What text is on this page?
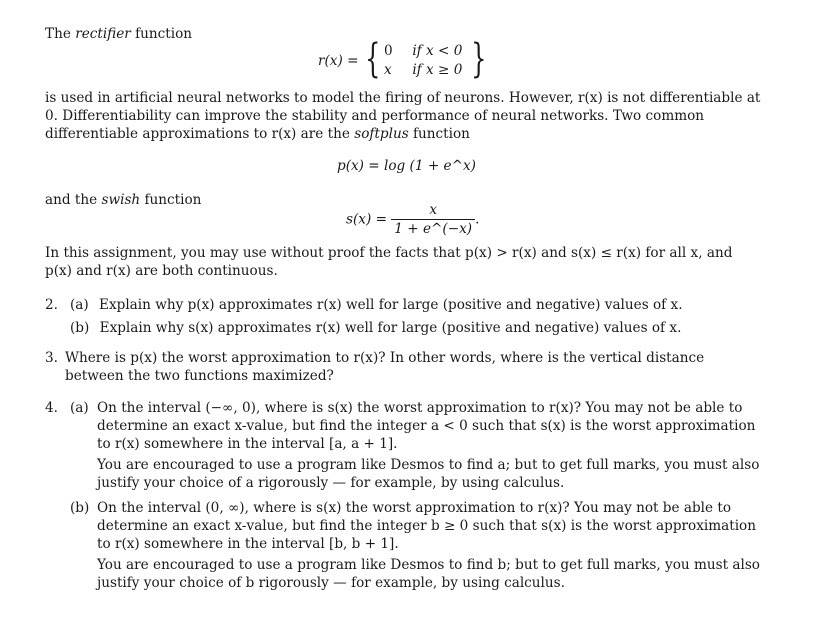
The rectifier function
r(x) = { 0 if x < 0
x if x ≥ 0 }

is used in artificial neural networks to model the firing of neurons. However, r(x) is not differentiable at 0. Differentiability can improve the stability and performance of neural networks. Two common differentiable approximations to r(x) are the softplus function

p(x) = log (1 + e^x)
and the swish function
$s(x) = \frac{x}{1 + e\^{}(-x)}$ .

In this assignment, you may use without proof the facts that p(x) > r(x) and s(x) ≤ r(x) for all x, and p(x) and r(x) are both continuous.

2. (a) Explain why p(x) approximates r(x) well for large (positive and negative) values of x.
(b) Explain why s(x) approximates r(x) well for large (positive and negative) values of x.
3. Where is p(x) the worst approximation to r(x)? In other words, where is the vertical distance between the two functions maximized?

4. (a) On the interval (−∞, 0), where is s(x) the worst approximation to r(x)? You may not be able to determine an exact x-value, but find the integer a < 0 such that s(x) is the worst approximation to r(x) somewhere in the interval [a, a + 1].

You are encouraged to use a program like Desmos to find a; but to get full marks, you must also justify your choice of a rigorously — for example, by using calculus.

(b) On the interval (0, ∞), where is s(x) the worst approximation to r(x)? You may not be able to determine an exact x-value, but find the integer b ≥ 0 such that s(x) is the worst approximation to r(x) somewhere in the interval [b, b + 1].

You are encouraged to use a program like Desmos to find b; but to get full marks, you must also justify your choice of b rigorously — for example, by using calculus.
